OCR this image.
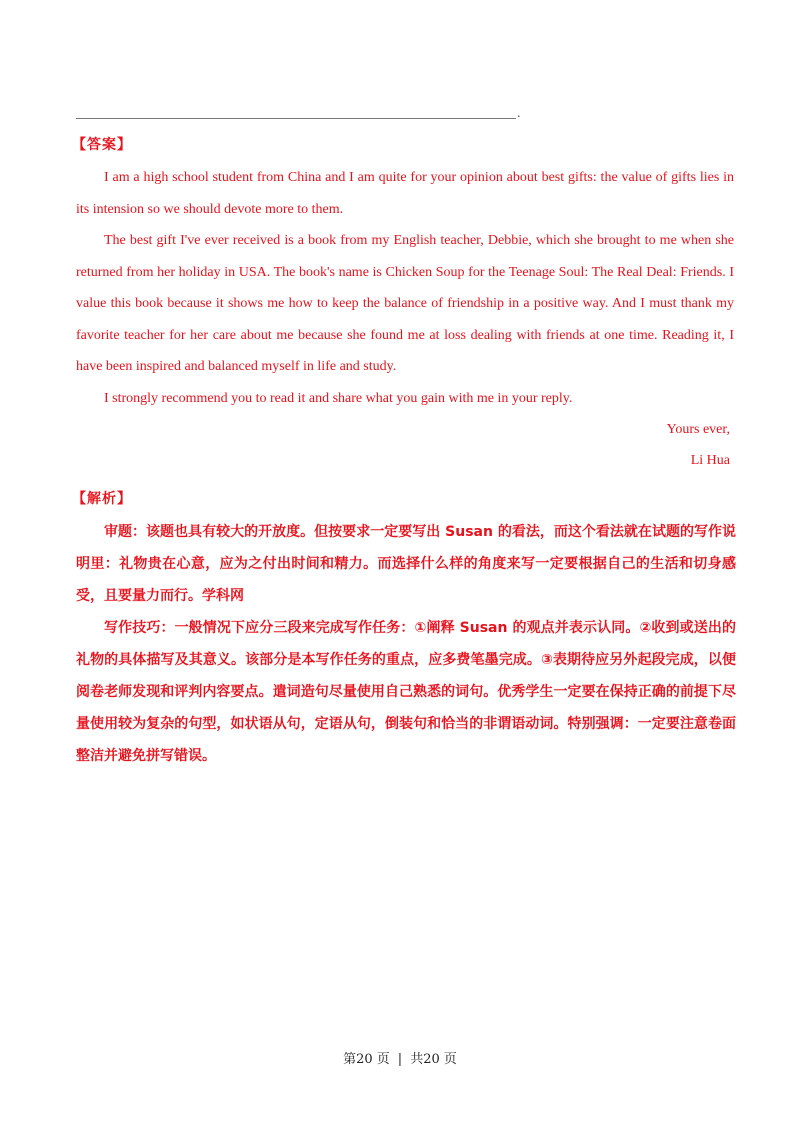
.
【答案】

I am a high school student from China and I am quite for your opinion about best gifts: the value of gifts lies in its intension so we should devote more to them.

The best gift I've ever received is a book from my English teacher, Debbie, which she brought to me when she returned from her holiday in USA. The book's name is Chicken Soup for the Teenage Soul: The Real Deal: Friends. I value this book because it shows me how to keep the balance of friendship in a positive way. And I must thank my favorite teacher for her care about me because she found me at loss dealing with friends at one time. Reading it, I have been inspired and balanced myself in life and study.

I strongly recommend you to read it and share what you gain with me in your reply.

Yours ever,
Li Hua
【解析】

审题：该题也具有较大的开放度。但按要求一定要写出 Susan 的看法，而这个看法就在试题的写作说明里：礼物贵在心意，应为之付出时间和精力。而选择什么样的角度来写一定要根据自己的生活和切身感受，且要量力而行。学科网

写作技巧：一般情况下应分三段来完成写作任务：①阐释 Susan 的观点并表示认同。②收到或送出的礼物的具体描写及其意义。该部分是本写作任务的重点，应多费笔墨完成。③表期待应另外起段完成，以便阅卷老师发现和评判内容要点。遣词造句尽量使用自己熟悉的词句。优秀学生一定要在保持正确的前提下尽量使用较为复杂的句型，如状语从句，定语从句，倒装句和恰当的非谓语动词。特别强调：一定要注意卷面整洁并避免拼写错误。

第20 页 | 共20 页
